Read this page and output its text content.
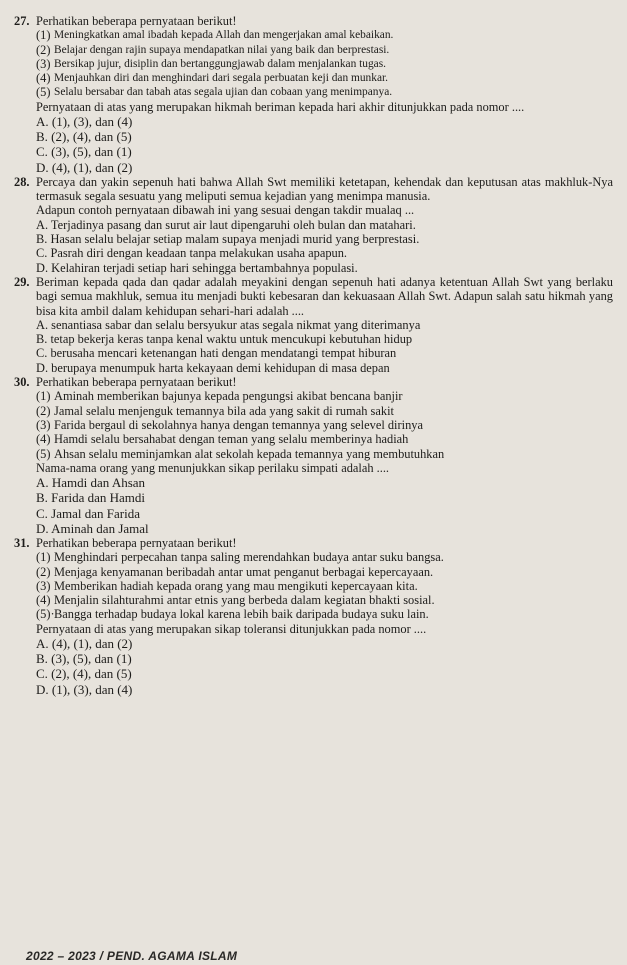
27. Perhatikan beberapa pernyataan berikut!
(1) Meningkatkan amal ibadah kepada Allah dan mengerjakan amal kebaikan.
(2) Belajar dengan rajin supaya mendapatkan nilai yang baik dan berprestasi.
(3) Bersikap jujur, disiplin dan bertanggungjawab dalam menjalankan tugas.
(4) Menjauhkan diri dan menghindari dari segala perbuatan keji dan munkar.
(5) Selalu bersabar dan tabah atas segala ujian dan cobaan yang menimpanya.
Pernyataan di atas yang merupakan hikmah beriman kepada hari akhir ditunjukkan pada nomor ....
A. (1), (3), dan (4)
B. (2), (4), dan (5)
C. (3), (5), dan (1)
D. (4), (1), dan (2)
28. Percaya dan yakin sepenuh hati bahwa Allah Swt memiliki ketetapan, kehendak dan keputusan atas makhluk-Nya termasuk segala sesuatu yang meliputi semua kejadian yang menimpa manusia.
Adapun contoh pernyataan dibawah ini yang sesuai dengan takdir mualaq ...
A. Terjadinya pasang dan surut air laut dipengaruhi oleh bulan dan matahari.
B. Hasan selalu belajar setiap malam supaya menjadi murid yang berprestasi.
C. Pasrah diri dengan keadaan tanpa melakukan usaha apapun.
D. Kelahiran terjadi setiap hari sehingga bertambahnya populasi.
29. Beriman kepada qada dan qadar adalah meyakini dengan sepenuh hati adanya ketentuan Allah Swt yang berlaku bagi semua makhluk, semua itu menjadi bukti kebesaran dan kekuasaan Allah Swt. Adapun salah satu hikmah yang bisa kita ambil dalam kehidupan sehari-hari adalah ....
A. senantiasa sabar dan selalu bersyukur atas segala nikmat yang diterimanya
B. tetap bekerja keras tanpa kenal waktu untuk mencukupi kebutuhan hidup
C. berusaha mencari ketenangan hati dengan mendatangi tempat hiburan
D. berupaya menumpuk harta kekayaan demi kehidupan di masa depan
30. Perhatikan beberapa pernyataan berikut!
(1) Aminah memberikan bajunya kepada pengungsi akibat bencana banjir
(2) Jamal selalu menjenguk temannya bila ada yang sakit di rumah sakit
(3) Farida bergaul di sekolahnya hanya dengan temannya yang selevel dirinya
(4) Hamdi selalu bersahabat dengan teman yang selalu memberinya hadiah
(5) Ahsan selalu meminjamkan alat sekolah kepada temannya yang membutuhkan
Nama-nama orang yang menunjukkan sikap perilaku simpati adalah ....
A. Hamdi dan Ahsan
B. Farida dan Hamdi
C. Jamal dan Farida
D. Aminah dan Jamal
31. Perhatikan beberapa pernyataan berikut!
(1) Menghindari perpecahan tanpa saling merendahkan budaya antar suku bangsa.
(2) Menjaga kenyamanan beribadah antar umat penganut berbagai kepercayaan.
(3) Memberikan hadiah kepada orang yang mau mengikuti kepercayaan kita.
(4) Menjalin silahturahmi antar etnis yang berbeda dalam kegiatan bhakti sosial.
(5)· Bangga terhadap budaya lokal karena lebih baik daripada budaya suku lain.
Pernyataan di atas yang merupakan sikap toleransi ditunjukkan pada nomor ....
A. (4), (1), dan (2)
B. (3), (5), dan (1)
C. (2), (4), dan (5)
D. (1), (3), dan (4)
2022 – 2023 / PEND. AGAMA ISLAM
